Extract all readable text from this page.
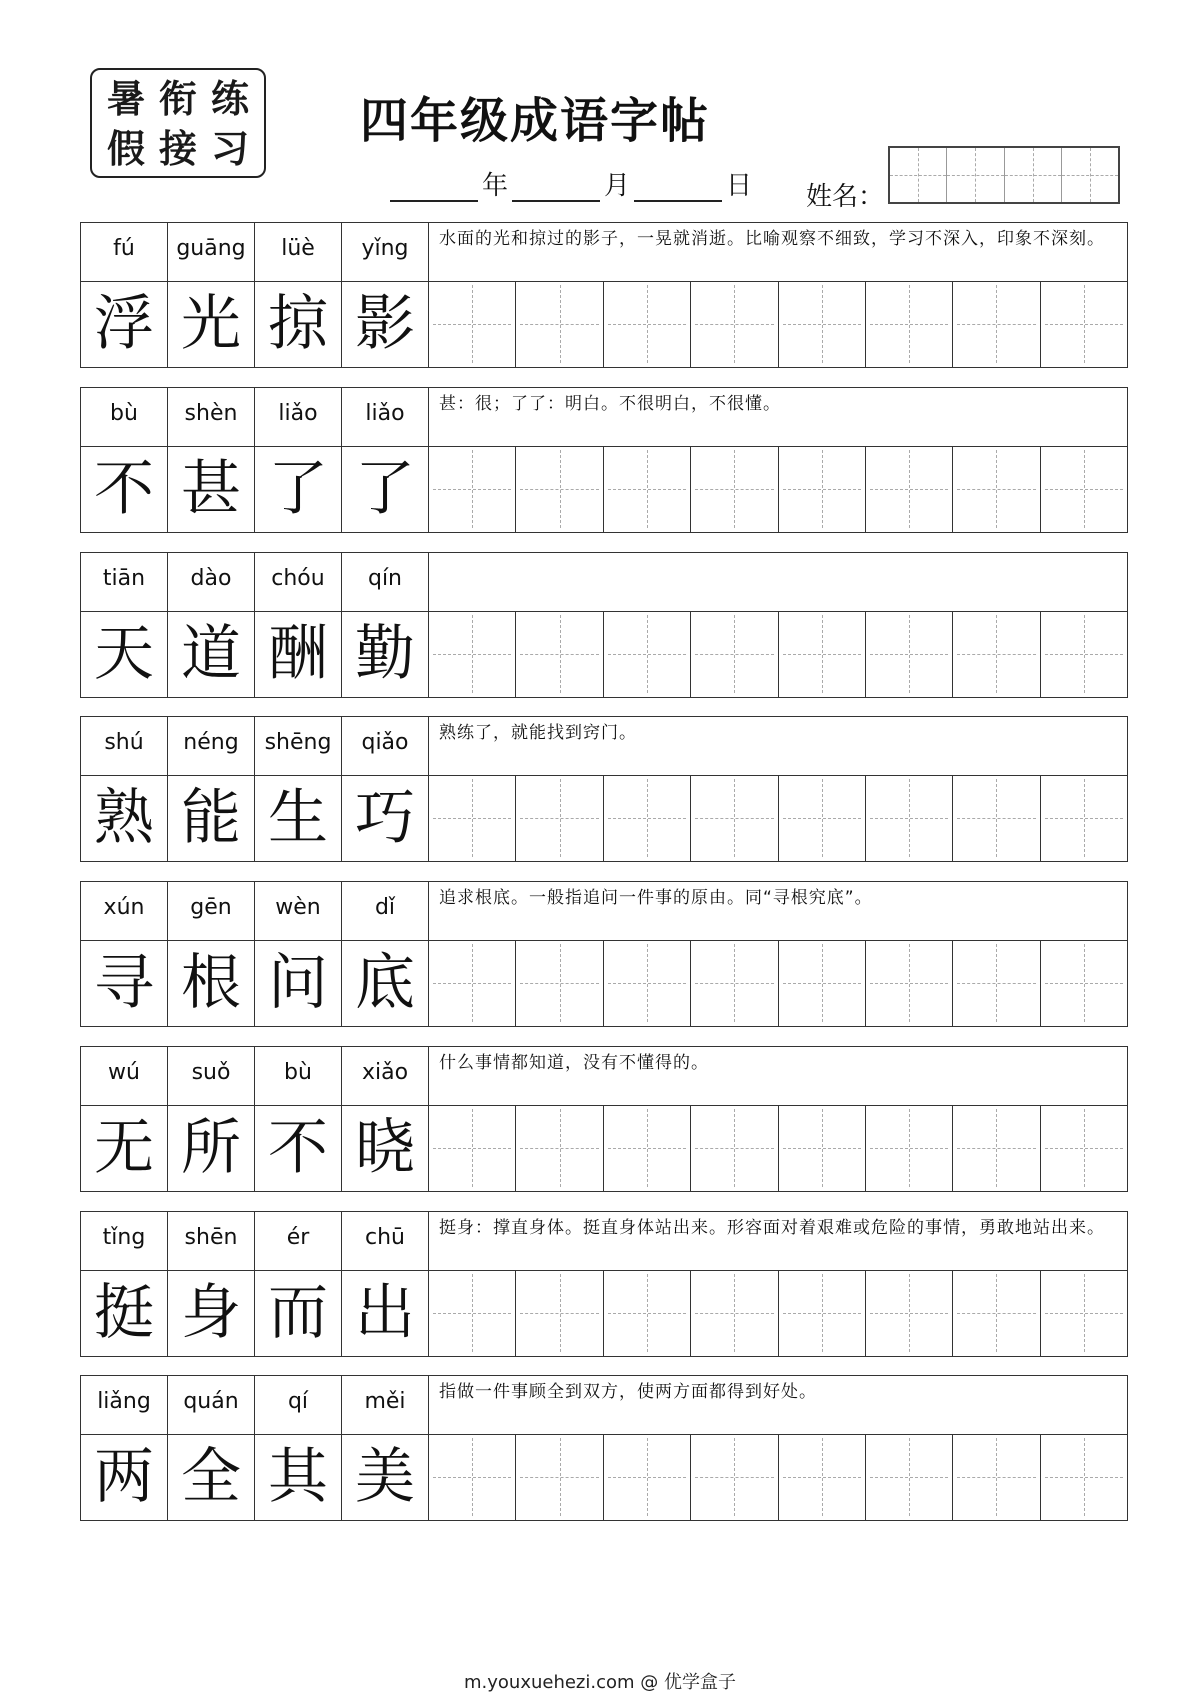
暑 衔 练
假 接 习 四年级成语字帖
年	月	日 姓名：
fú	guāng	lüè	yǐng	水面的光和掠过的影子，一晃就消逝。比喻观察不细致，学习不深入，印象不深刻。
浮 光 掠 影
bù	shèn	liǎo	liǎo	甚：很；了了：明白。不很明白，不很懂。
不 甚 了 了
tiān	dào	chóu	qín
天 道 酬 勤
shú	néng	shēng	qiǎo	熟练了，就能找到窍门。
熟 能 生 巧
xún	gēn	wèn	dǐ	追求根底。一般指追问一件事的原由。同“寻根究底”。
寻 根 问 底
wú	suǒ	bù	xiǎo	什么事情都知道，没有不懂得的。
无 所 不 晓
tǐng	shēn	ér	chū	挺身：撑直身体。挺直身体站出来。形容面对着艰难或危险的事情，勇敢地站出来。
挺 身 而 出
liǎng	quán	qí	měi	指做一件事顾全到双方，使两方面都得到好处。
两 全 其 美
m.youxuehezi.com @ 优学盒子
